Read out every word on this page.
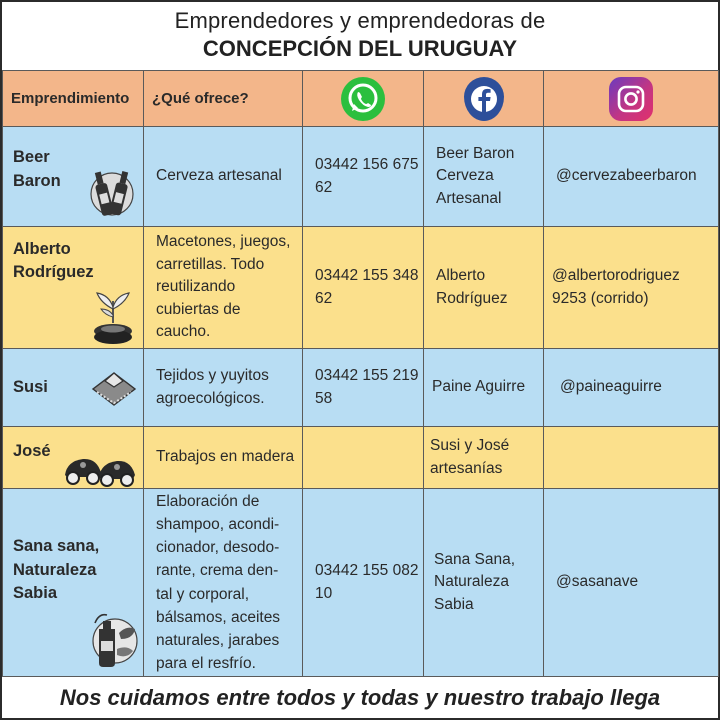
Emprendedores y emprendedoras de
CONCEPCIÓN DEL URUGUAY
Emprendimiento	¿Qué ofrece?			

Beer Baron	Cerveza artesanal	03442 156 675 62	Beer Baron Cerveza Artesanal	@cervezabeerbaron

Alberto Rodríguez	Macetones, juegos, carretillas. Todo reutilizando cubiertas de caucho.	03442 155 348 62	Alberto Rodríguez	@albertorodriguez 9253 (corrido)

Susi	Tejidos y yuyitos agroecológicos.	03442 155 219 58	Paine Aguirre	@paineaguirre

José	Trabajos en madera		Susi y José artesanías	

Sana sana, Naturaleza Sabia	Elaboración de shampoo, acondi- cionador, desodo- rante, crema den- tal y corporal, bálsamos, aceites naturales, jarabes para el resfrío.	03442 155 082 10	Sana Sana, Naturaleza Sabia	@sasanave
Nos cuidamos entre todos y todas y nuestro trabajo llega
